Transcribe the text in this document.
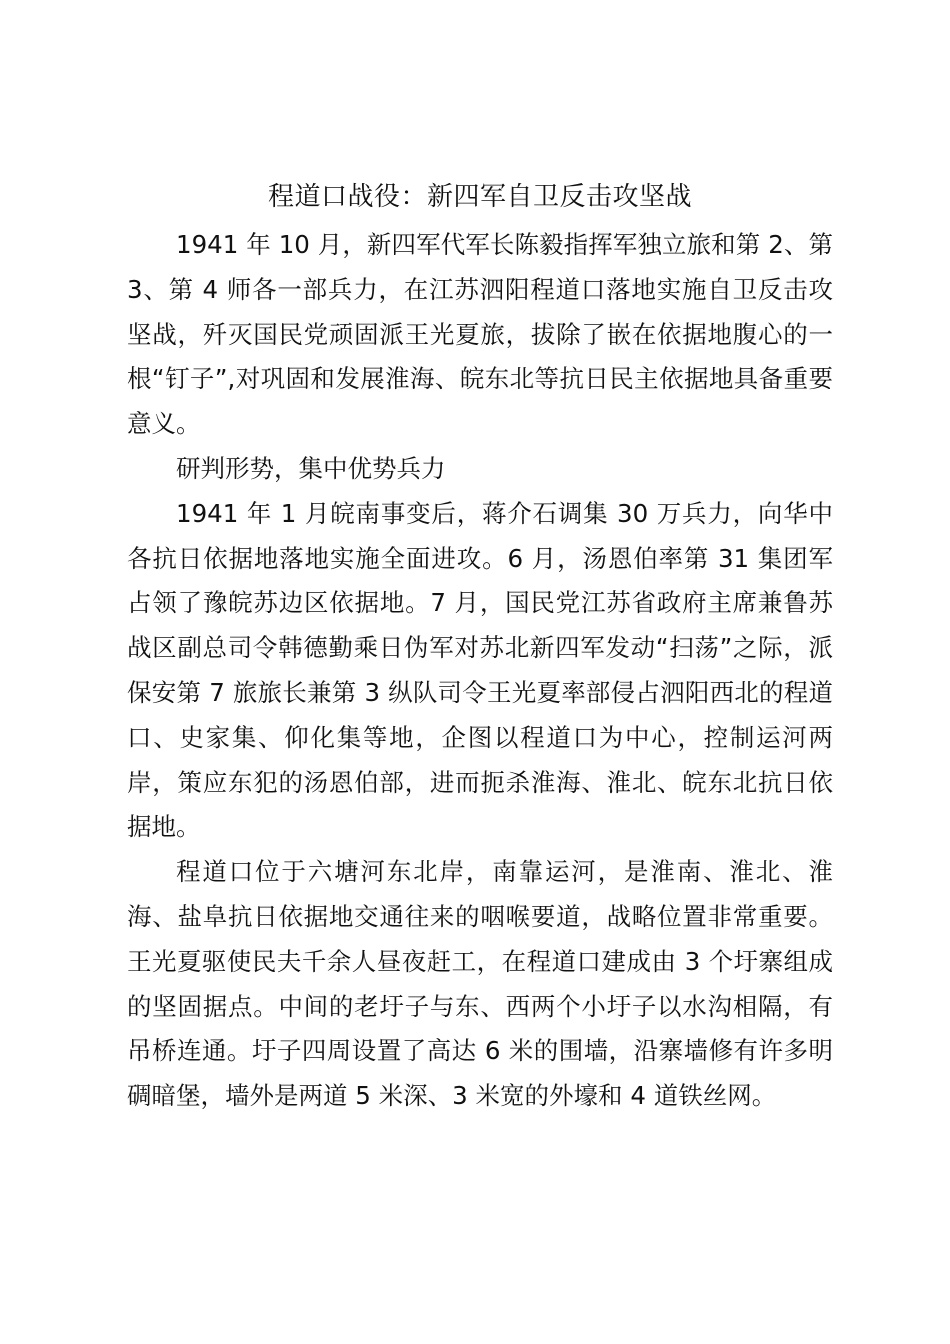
程道口战役：新四军自卫反击攻坚战

1941 年 10 月，新四军代军长陈毅指挥军独立旅和第 2、第 3、第 4 师各一部兵力，在江苏泗阳程道口落地实施自卫反击攻坚战，歼灭国民党顽固派王光夏旅，拔除了嵌在依据地腹心的一根“钉子”,对巩固和发展淮海、皖东北等抗日民主依据地具备重要意义。

研判形势，集中优势兵力

1941 年 1 月皖南事变后，蒋介石调集 30 万兵力，向华中各抗日依据地落地实施全面进攻。6 月，汤恩伯率第 31 集团军占领了豫皖苏边区依据地。7 月，国民党江苏省政府主席兼鲁苏战区副总司令韩德勤乘日伪军对苏北新四军发动“扫荡”之际，派保安第 7 旅旅长兼第 3 纵队司令王光夏率部侵占泗阳西北的程道口、史家集、仰化集等地，企图以程道口为中心，控制运河两岸，策应东犯的汤恩伯部，进而扼杀淮海、淮北、皖东北抗日依据地。

程道口位于六塘河东北岸，南靠运河，是淮南、淮北、淮海、盐阜抗日依据地交通往来的咽喉要道，战略位置非常重要。王光夏驱使民夫千余人昼夜赶工，在程道口建成由 3 个圩寨组成的坚固据点。中间的老圩子与东、西两个小圩子以水沟相隔，有吊桥连通。圩子四周设置了高达 6 米的围墙，沿寨墙修有许多明碉暗堡，墙外是两道 5 米深、3 米宽的外壕和 4 道铁丝网。
